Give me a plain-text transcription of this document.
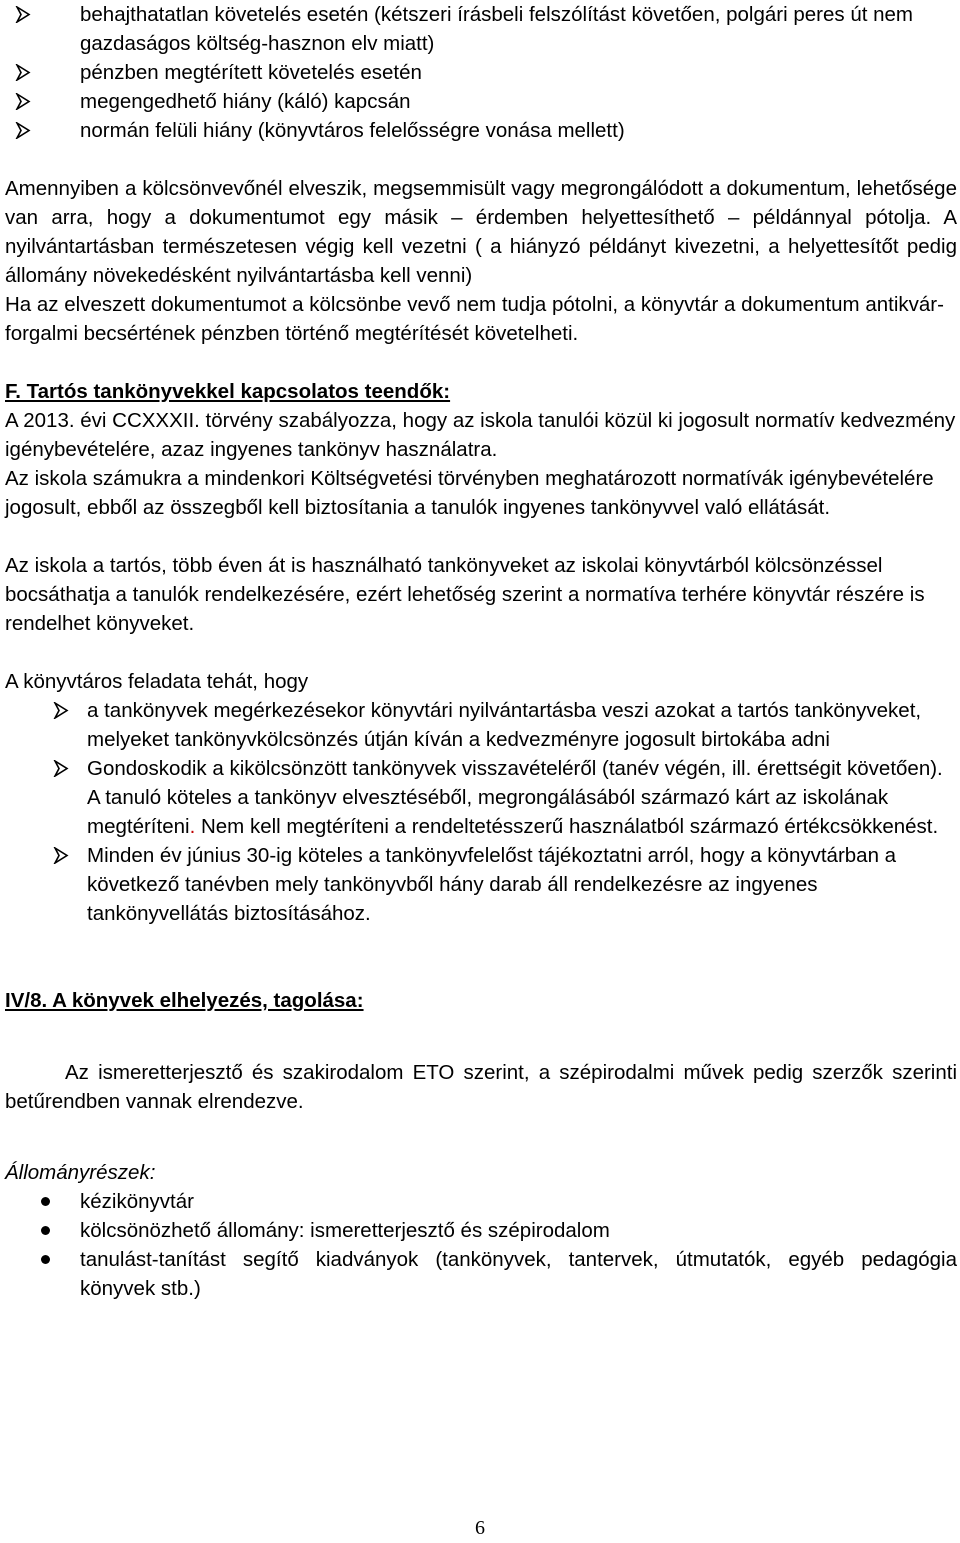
behajthatatlan követelés esetén (kétszeri írásbeli felszólítást követően, polgári peres út nem gazdaságos költség-hasznon elv miatt)
pénzben megtérített követelés esetén
megengedhető hiány (káló) kapcsán
normán felüli hiány (könyvtáros felelősségre vonása mellett)

Amennyiben a kölcsönvevőnél elveszik, megsemmisült vagy megrongálódott a dokumentum, lehetősége van arra, hogy a dokumentumot egy másik – érdemben helyettesíthető – példánnyal pótolja. A nyilvántartásban természetesen végig kell vezetni ( a hiányzó példányt kivezetni, a helyettesítőt pedig állomány növekedésként nyilvántartásba kell venni)

Ha az elveszett dokumentumot a kölcsönbe vevő nem tudja pótolni, a könyvtár a dokumentum antikvár-forgalmi becsértének pénzben történő megtérítését követelheti.

F. Tartós tankönyvekkel kapcsolatos teendők:

A 2013. évi CCXXXII. törvény szabályozza, hogy az iskola tanulói közül ki jogosult normatív kedvezmény igénybevételére, azaz ingyenes tankönyv használatra.

Az iskola számukra a mindenkori Költségvetési törvényben meghatározott normatívák igénybevételére jogosult, ebből az összegből kell biztosítania a tanulók ingyenes tankönyvvel való ellátását.

Az iskola a tartós, több éven át is használható tankönyveket az iskolai könyvtárból kölcsönzéssel bocsáthatja a tanulók rendelkezésére, ezért lehetőség szerint a normatíva terhére könyvtár részére is rendelhet könyveket.

A könyvtáros feladata tehát, hogy

a tankönyvek megérkezésekor könyvtári nyilvántartásba veszi azokat a tartós tankönyveket, melyeket tankönyvkölcsönzés útján kíván a kedvezményre jogosult birtokába adni
Gondoskodik a kikölcsönzött tankönyvek visszavételéről (tanév végén, ill. érettségit követően). A tanuló köteles a tankönyv elvesztéséből, megrongálásából származó kárt az iskolának megtéríteni. Nem kell megtéríteni a rendeltetésszerű használatból származó értékcsökkenést.
Minden év június 30-ig köteles a tankönyvfelelőst tájékoztatni arról, hogy a könyvtárban a következő tanévben mely tankönyvből hány darab áll rendelkezésre az ingyenes tankönyvellátás biztosításához.

IV/8. A könyvek elhelyezés, tagolása:

Az ismeretterjesztő és szakirodalom ETO szerint, a szépirodalmi művek pedig szerzők szerinti betűrendben vannak elrendezve.

Állományrészek:

kézikönyvtár
kölcsönözhető állomány: ismeretterjesztő és szépirodalom
tanulást-tanítást segítő kiadványok (tankönyvek, tantervek, útmutatók, egyéb pedagógia könyvek stb.)
6
